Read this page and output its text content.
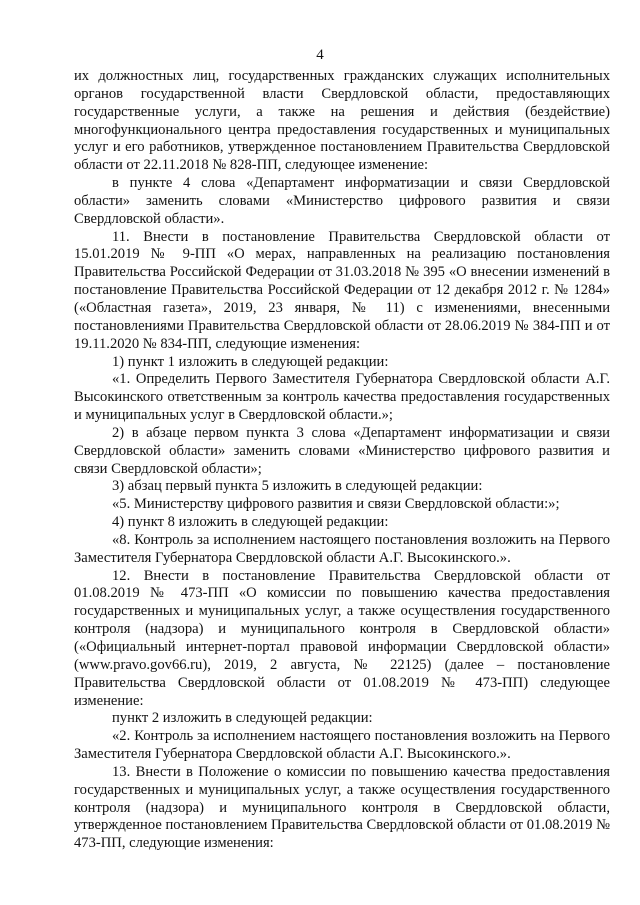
4

их должностных лиц, государственных гражданских служащих исполнительных органов государственной власти Свердловской области, предоставляющих государственные услуги, а также на решения и действия (бездействие) многофункционального центра предоставления государственных и муниципальных услуг и его работников, утвержденное постановлением Правительства Свердловской области от 22.11.2018 № 828-ПП, следующее изменение:

в пункте 4 слова «Департамент информатизации и связи Свердловской области» заменить словами «Министерство цифрового развития и связи Свердловской области».

11. Внести в постановление Правительства Свердловской области от 15.01.2019 № 9-ПП «О мерах, направленных на реализацию постановления Правительства Российской Федерации от 31.03.2018 № 395 «О внесении изменений в постановление Правительства Российской Федерации от 12 декабря 2012 г. № 1284» («Областная газета», 2019, 23 января, № 11) с изменениями, внесенными постановлениями Правительства Свердловской области от 28.06.2019 № 384-ПП и от 19.11.2020 № 834-ПП, следующие изменения:

1) пункт 1 изложить в следующей редакции:

«1. Определить Первого Заместителя Губернатора Свердловской области А.Г. Высокинского ответственным за контроль качества предоставления государственных и муниципальных услуг в Свердловской области.»;

2) в абзаце первом пункта 3 слова «Департамент информатизации и связи Свердловской области» заменить словами «Министерство цифрового развития и связи Свердловской области»;

3) абзац первый пункта 5 изложить в следующей редакции:

«5. Министерству цифрового развития и связи Свердловской области:»;

4) пункт 8 изложить в следующей редакции:

«8. Контроль за исполнением настоящего постановления возложить на Первого Заместителя Губернатора Свердловской области А.Г. Высокинского.».

12. Внести в постановление Правительства Свердловской области от 01.08.2019 № 473-ПП «О комиссии по повышению качества предоставления государственных и муниципальных услуг, а также осуществления государственного контроля (надзора) и муниципального контроля в Свердловской области» («Официальный интернет-портал правовой информации Свердловской области» (www.pravo.gov66.ru), 2019, 2 августа, № 22125) (далее – постановление Правительства Свердловской области от 01.08.2019 № 473-ПП) следующее изменение:

пункт 2 изложить в следующей редакции:

«2. Контроль за исполнением настоящего постановления возложить на Первого Заместителя Губернатора Свердловской области А.Г. Высокинского.».

13. Внести в Положение о комиссии по повышению качества предоставления государственных и муниципальных услуг, а также осуществления государственного контроля (надзора) и муниципального контроля в Свердловской области, утвержденное постановлением Правительства Свердловской области от 01.08.2019 № 473-ПП, следующие изменения:
